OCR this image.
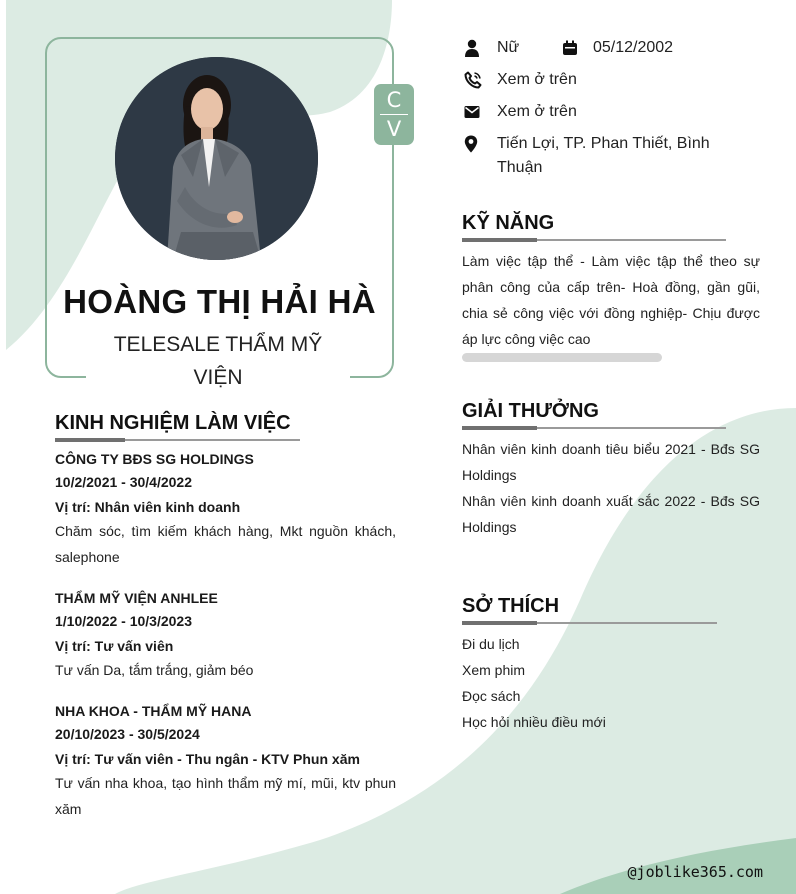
C
V
HOÀNG THỊ HẢI HÀ
TELESALE THẨM MỸ VIỆN
Nữ	05/12/2002
Xem ở trên
Xem ở trên
Tiến Lợi, TP. Phan Thiết, Bình Thuận
KINH NGHIỆM LÀM VIỆC
CÔNG TY BĐS SG HOLDINGS
10/2/2021 - 30/4/2022
Vị trí: Nhân viên kinh doanh
Chăm sóc, tìm kiếm khách hàng, Mkt nguồn khách, salephone
THẨM MỸ VIỆN ANHLEE
1/10/2022 - 10/3/2023
Vị trí: Tư vấn viên
Tư vấn Da, tắm trắng, giảm béo
NHA KHOA - THẨM MỸ HANA
20/10/2023 - 30/5/2024
Vị trí: Tư vấn viên - Thu ngân - KTV Phun xăm
Tư vấn nha khoa, tạo hình thẩm mỹ mí, mũi, ktv phun xăm
KỸ NĂNG
Làm việc tập thể - Làm việc tập thể theo sự phân công của cấp trên- Hoà đồng, gần gũi, chia sẻ công việc với đồng nghiệp- Chịu được áp lực công việc cao
GIẢI THƯỞNG
Nhân viên kinh doanh tiêu biểu 2021 - Bđs SG Holdings
Nhân viên kinh doanh xuất sắc 2022 - Bđs SG Holdings
SỞ THÍCH
Đi du lịch
Xem phim
Đọc sách
Học hỏi nhiều điều mới
@joblike365.com
